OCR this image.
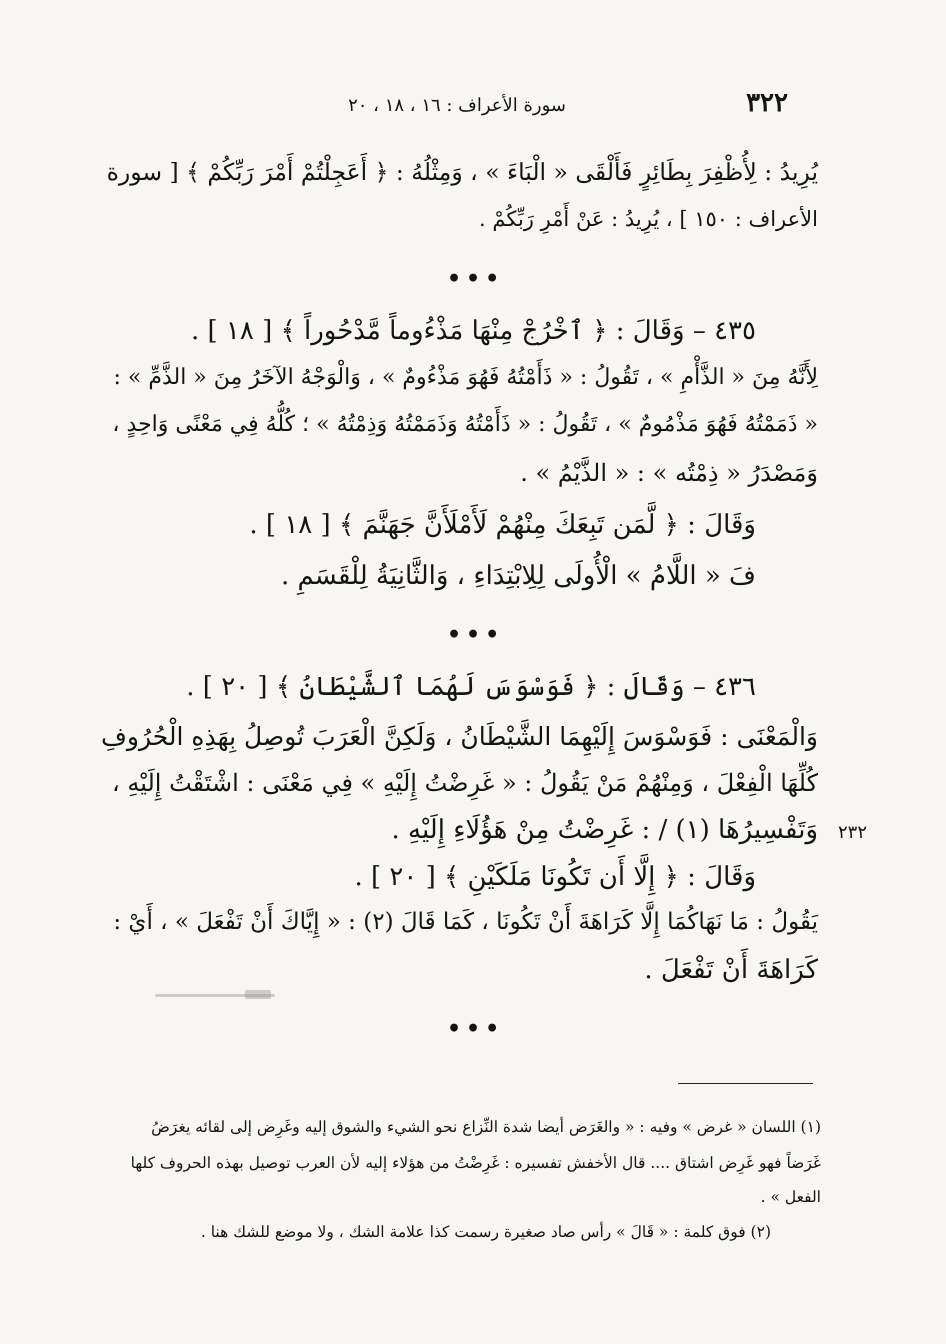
٣٢٢
سورة الأعراف : ١٦ ، ١٨ ، ٢٠

يُرِيدُ : لِأُظْفِرَ بِطَائِرٍ فَأَلْقَى « الْبَاءَ » ، وَمِثْلُهُ : ﴿ أَعَجِلْتُمْ أَمْرَ رَبِّكُمْ ﴾ [ سورة

الأعراف : ١٥٠ ] ، يُرِيدُ : عَنْ أَمْرِ رَبِّكُمْ .

•••

٤٣٥ – وَقَالَ : ﴿ ٱخْرُجْ مِنْهَا مَذْءُوماً مَّدْحُوراً ﴾ [ ١٨ ] .

لِأَنَّهُ مِنَ « الذَّأْمِ » ، تَقُولُ : « ذَأَمْتُهُ فَهُوَ مَذْءُومٌ » ، وَالْوَجْهُ الآخَرُ مِنَ « الذَّمِّ » :

« ذَمَمْتُهُ فَهُوَ مَذْمُومٌ » ، تَقُولُ : « ذَأَمْتُهُ وَذَمَمْتُهُ وَذِمْتُهُ » ؛ كُلُّهُ فِي مَعْنًى وَاحِدٍ ،

وَمَصْدَرُ « ذِمْتُه » : « الذَّيْمُ » .

وَقَالَ : ﴿ لَّمَن تَبِعَكَ مِنْهُمْ لَأَمْلَأَنَّ جَهَنَّمَ ﴾ [ ١٨ ] .

فَ « اللَّامُ » الْأُولَى لِلِابْتِدَاءِ ، وَالثَّانِيَةُ لِلْقَسَمِ .

•••

٤٣٦ – وَقَالَ : ﴿ فَوَسْوَسَ لَهُمَا ٱلشَّيْطَانُ ﴾ [ ٢٠ ] .

وَالْمَعْنَى : فَوَسْوَسَ إِلَيْهِمَا الشَّيْطَانُ ، وَلَكِنَّ الْعَرَبَ تُوصِلُ بِهَذِهِ الْحُرُوفِ

كُلِّهَا الْفِعْلَ ، وَمِنْهُمْ مَنْ يَقُولُ : « غَرِضْتُ إِلَيْهِ » فِي مَعْنَى : اشْتَقْتُ إِلَيْهِ ،

وَتَفْسِيرُهَا (١) / : غَرِضْتُ مِنْ هَؤُلَاءِ إِلَيْهِ . ٢٣٢

وَقَالَ : ﴿ إِلَّا أَن تَكُونَا مَلَكَيْنِ ﴾ [ ٢٠ ] .

يَقُولُ : مَا نَهَاكُمَا إِلَّا كَرَاهَةَ أَنْ تَكُونَا ، كَمَا قَالَ (٢) : « إِيَّاكَ أَنْ تَفْعَلَ » ، أَيْ :

كَرَاهَةَ أَنْ تَفْعَلَ .

•••

(١) اللسان « غرض » وفيه : « والغَرَض أيضا شدة النِّزاع نحو الشيء والشوق إليه وغَرِض إلى لقائه يغرَضُ

غَرَضاً فهو غَرِض اشتاق .... قال الأخفش تفسيره : غَرِضْتُ من هؤلاء إليه لأن العرب توصيل بهذه الحروف كلها

الفعل » .

(٢) فوق كلمة : « قَالَ » رأس صاد صغيرة رسمت كذا علامة الشك ، ولا موضع للشك هنا .
